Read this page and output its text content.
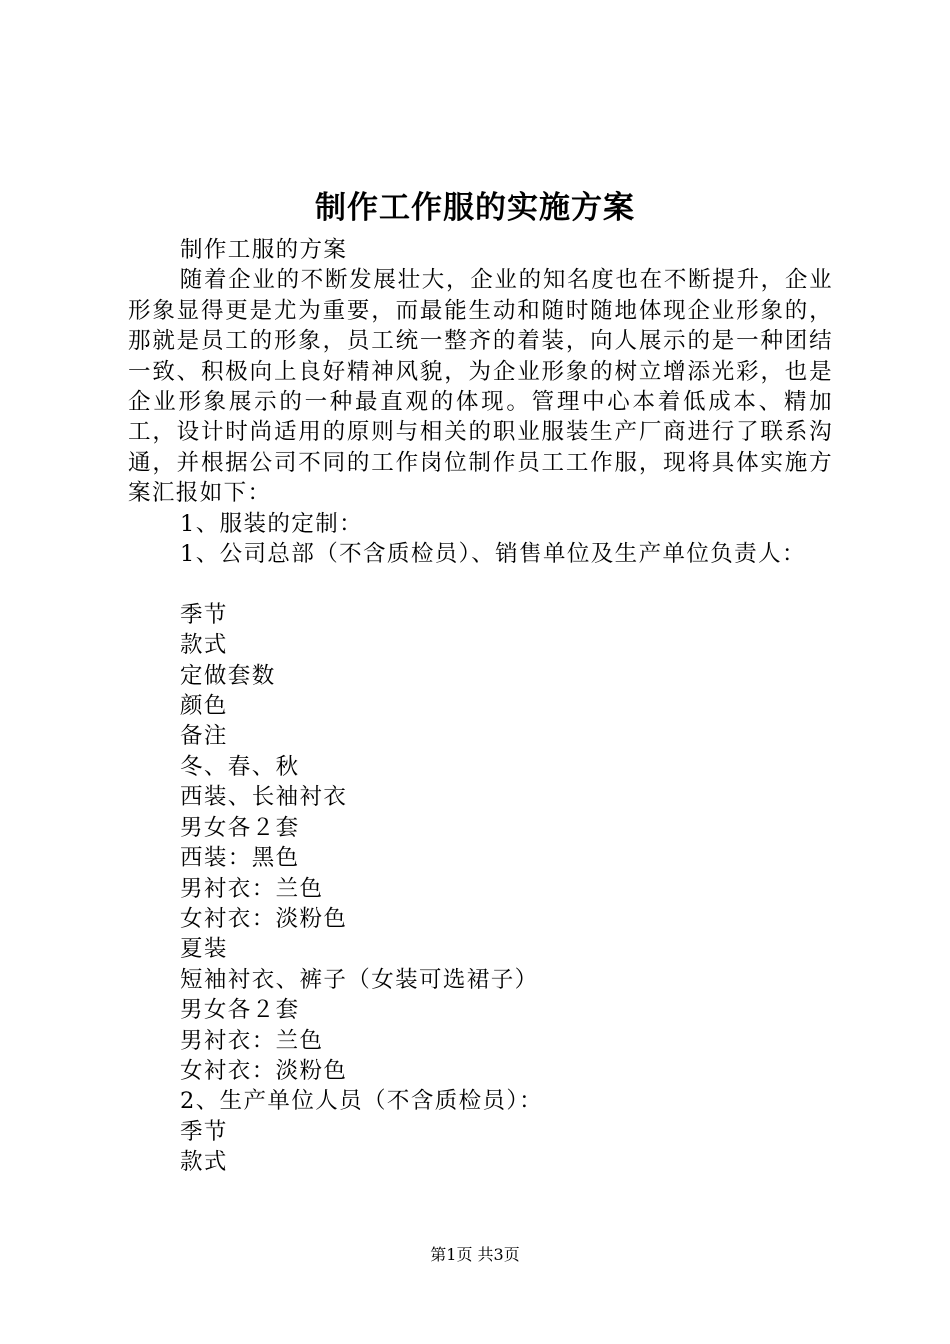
制作工作服的实施方案

制作工服的方案

随着企业的不断发展壮大，企业的知名度也在不断提升，企业形象显得更是尤为重要，而最能生动和随时随地体现企业形象的，那就是员工的形象，员工统一整齐的着装，向人展示的是一种团结一致、积极向上良好精神风貌，为企业形象的树立增添光彩，也是企业形象展示的一种最直观的体现。管理中心本着低成本、精加工，设计时尚适用的原则与相关的职业服装生产厂商进行了联系沟通，并根据公司不同的工作岗位制作员工工作服，现将具体实施方案汇报如下：

1、服装的定制：

1、公司总部（不含质检员）、销售单位及生产单位负责人：

季节

款式

定做套数

颜色

备注

冬、春、秋

西装、长袖衬衣

男女各２套

西装：黑色

男衬衣：兰色

女衬衣：淡粉色

夏装

短袖衬衣、裤子（女装可选裙子）

男女各２套

男衬衣：兰色

女衬衣：淡粉色

2、生产单位人员（不含质检员）：

季节

款式

第1页 共3页
